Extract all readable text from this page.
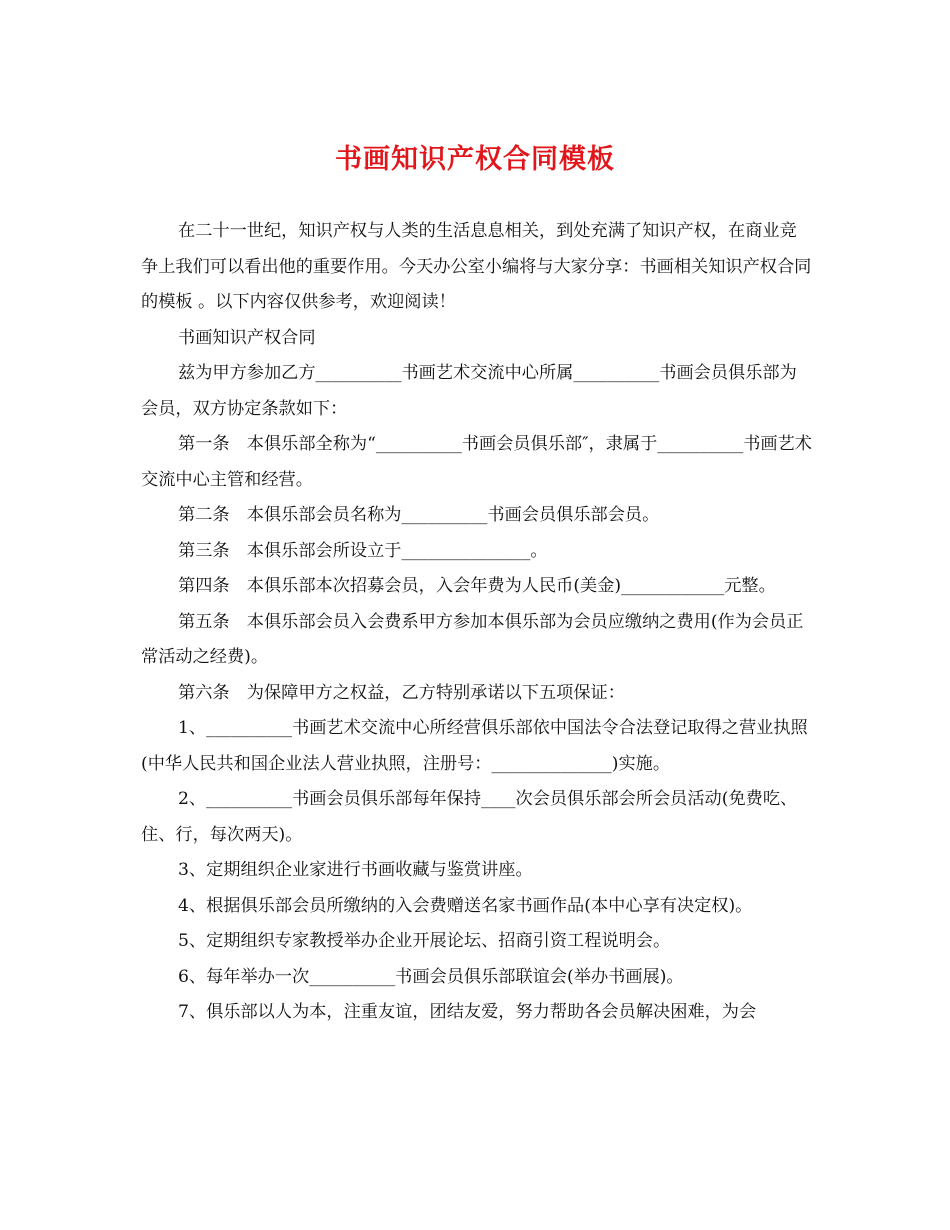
书画知识产权合同模板

在二十一世纪，知识产权与人类的生活息息相关，到处充满了知识产权，在商业竞争上我们可以看出他的重要作用。今天办公室小编将与大家分享：书画相关知识产权合同的模板 。以下内容仅供参考，欢迎阅读！

书画知识产权合同

兹为甲方参加乙方__________书画艺术交流中心所属__________书画会员俱乐部为会员，双方协定条款如下：

第一条　本俱乐部全称为“__________书画会员俱乐部″，隶属于__________书画艺术交流中心主管和经营。

第二条　本俱乐部会员名称为__________书画会员俱乐部会员。

第三条　本俱乐部会所设立于_______________。

第四条　本俱乐部本次招募会员，入会年费为人民币(美金)____________元整。

第五条　本俱乐部会员入会费系甲方参加本俱乐部为会员应缴纳之费用(作为会员正常活动之经费)。

第六条　为保障甲方之权益，乙方特别承诺以下五项保证：

1、__________书画艺术交流中心所经营俱乐部依中国法令合法登记取得之营业执照(中华人民共和国企业法人营业执照，注册号：______________)实施。

2、__________书画会员俱乐部每年保持____次会员俱乐部会所会员活动(免费吃、住、行，每次两天)。

3、定期组织企业家进行书画收藏与鉴赏讲座。

4、根据俱乐部会员所缴纳的入会费赠送名家书画作品(本中心享有决定权)。

5、定期组织专家教授举办企业开展论坛、招商引资工程说明会。

6、每年举办一次__________书画会员俱乐部联谊会(举办书画展)。

7、俱乐部以人为本，注重友谊，团结友爱，努力帮助各会员解决困难，为会
